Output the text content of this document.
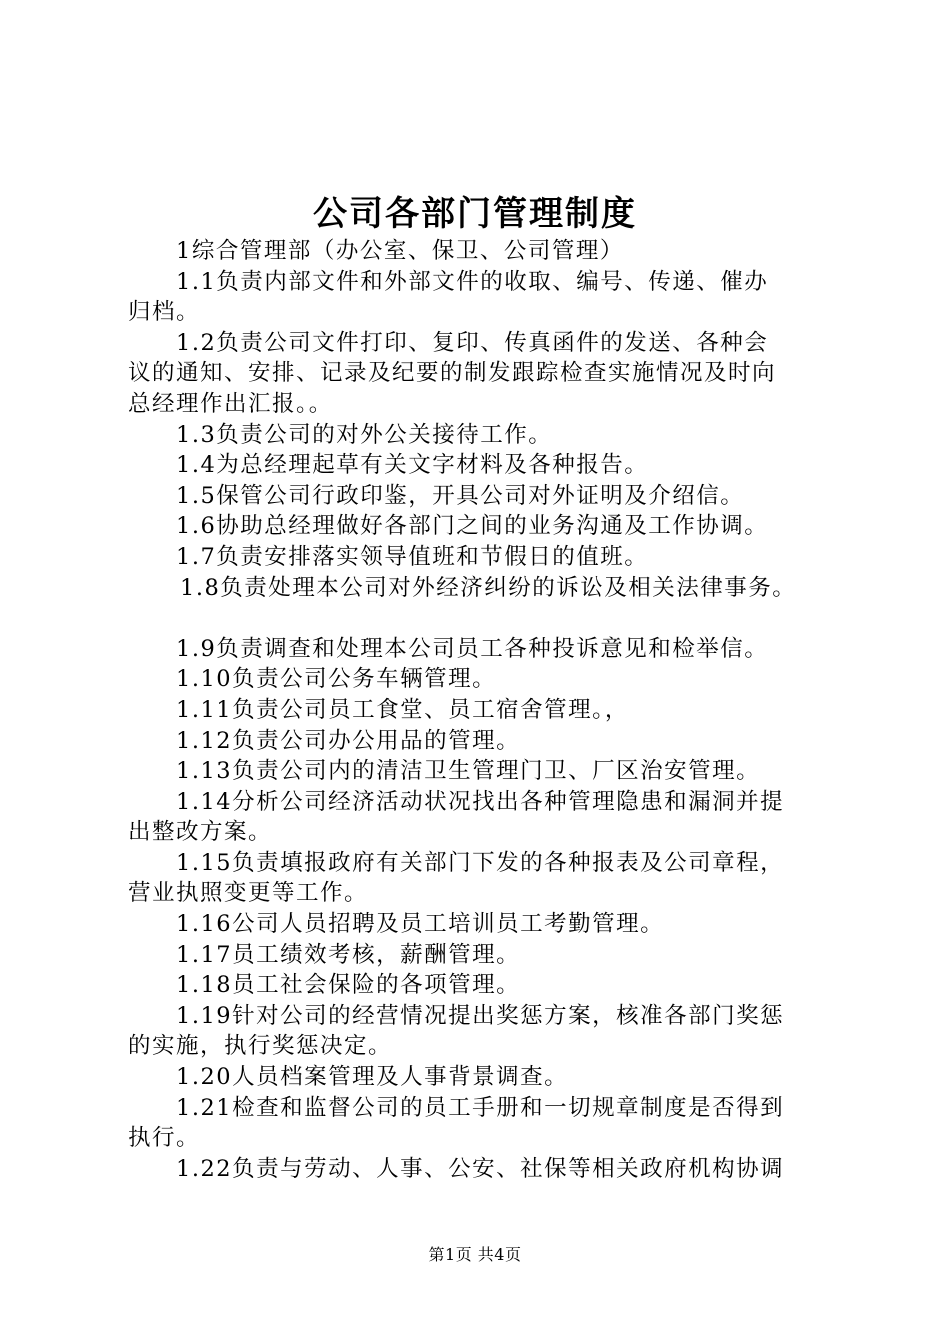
公司各部门管理制度
1综合管理部（办公室、保卫、公司管理）
1.1负责内部文件和外部文件的收取、编号、传递、催办
归档。
1.2负责公司文件打印、复印、传真函件的发送、各种会
议的通知、安排、记录及纪要的制发跟踪检查实施情况及时向
总经理作出汇报。。
1.3负责公司的对外公关接待工作。
1.4为总经理起草有关文字材料及各种报告。
1.5保管公司行政印鉴，开具公司对外证明及介绍信。
1.6协助总经理做好各部门之间的业务沟通及工作协调。
1.7负责安排落实领导值班和节假日的值班。
1.8负责处理本公司对外经济纠纷的诉讼及相关法律事务。
1.9负责调查和处理本公司员工各种投诉意见和检举信。
1.10负责公司公务车辆管理。
1.11负责公司员工食堂、员工宿舍管理。，
1.12负责公司办公用品的管理。
1.13负责公司内的清洁卫生管理门卫、厂区治安管理。
1.14分析公司经济活动状况找出各种管理隐患和漏洞并提
出整改方案。
1.15负责填报政府有关部门下发的各种报表及公司章程，
营业执照变更等工作。
1.16公司人员招聘及员工培训员工考勤管理。
1.17员工绩效考核，薪酬管理。
1.18员工社会保险的各项管理。
1.19针对公司的经营情况提出奖惩方案，核准各部门奖惩
的实施，执行奖惩决定。
1.20人员档案管理及人事背景调查。
1.21检查和监督公司的员工手册和一切规章制度是否得到
执行。
1.22负责与劳动、人事、公安、社保等相关政府机构协调
第1页 共4页
